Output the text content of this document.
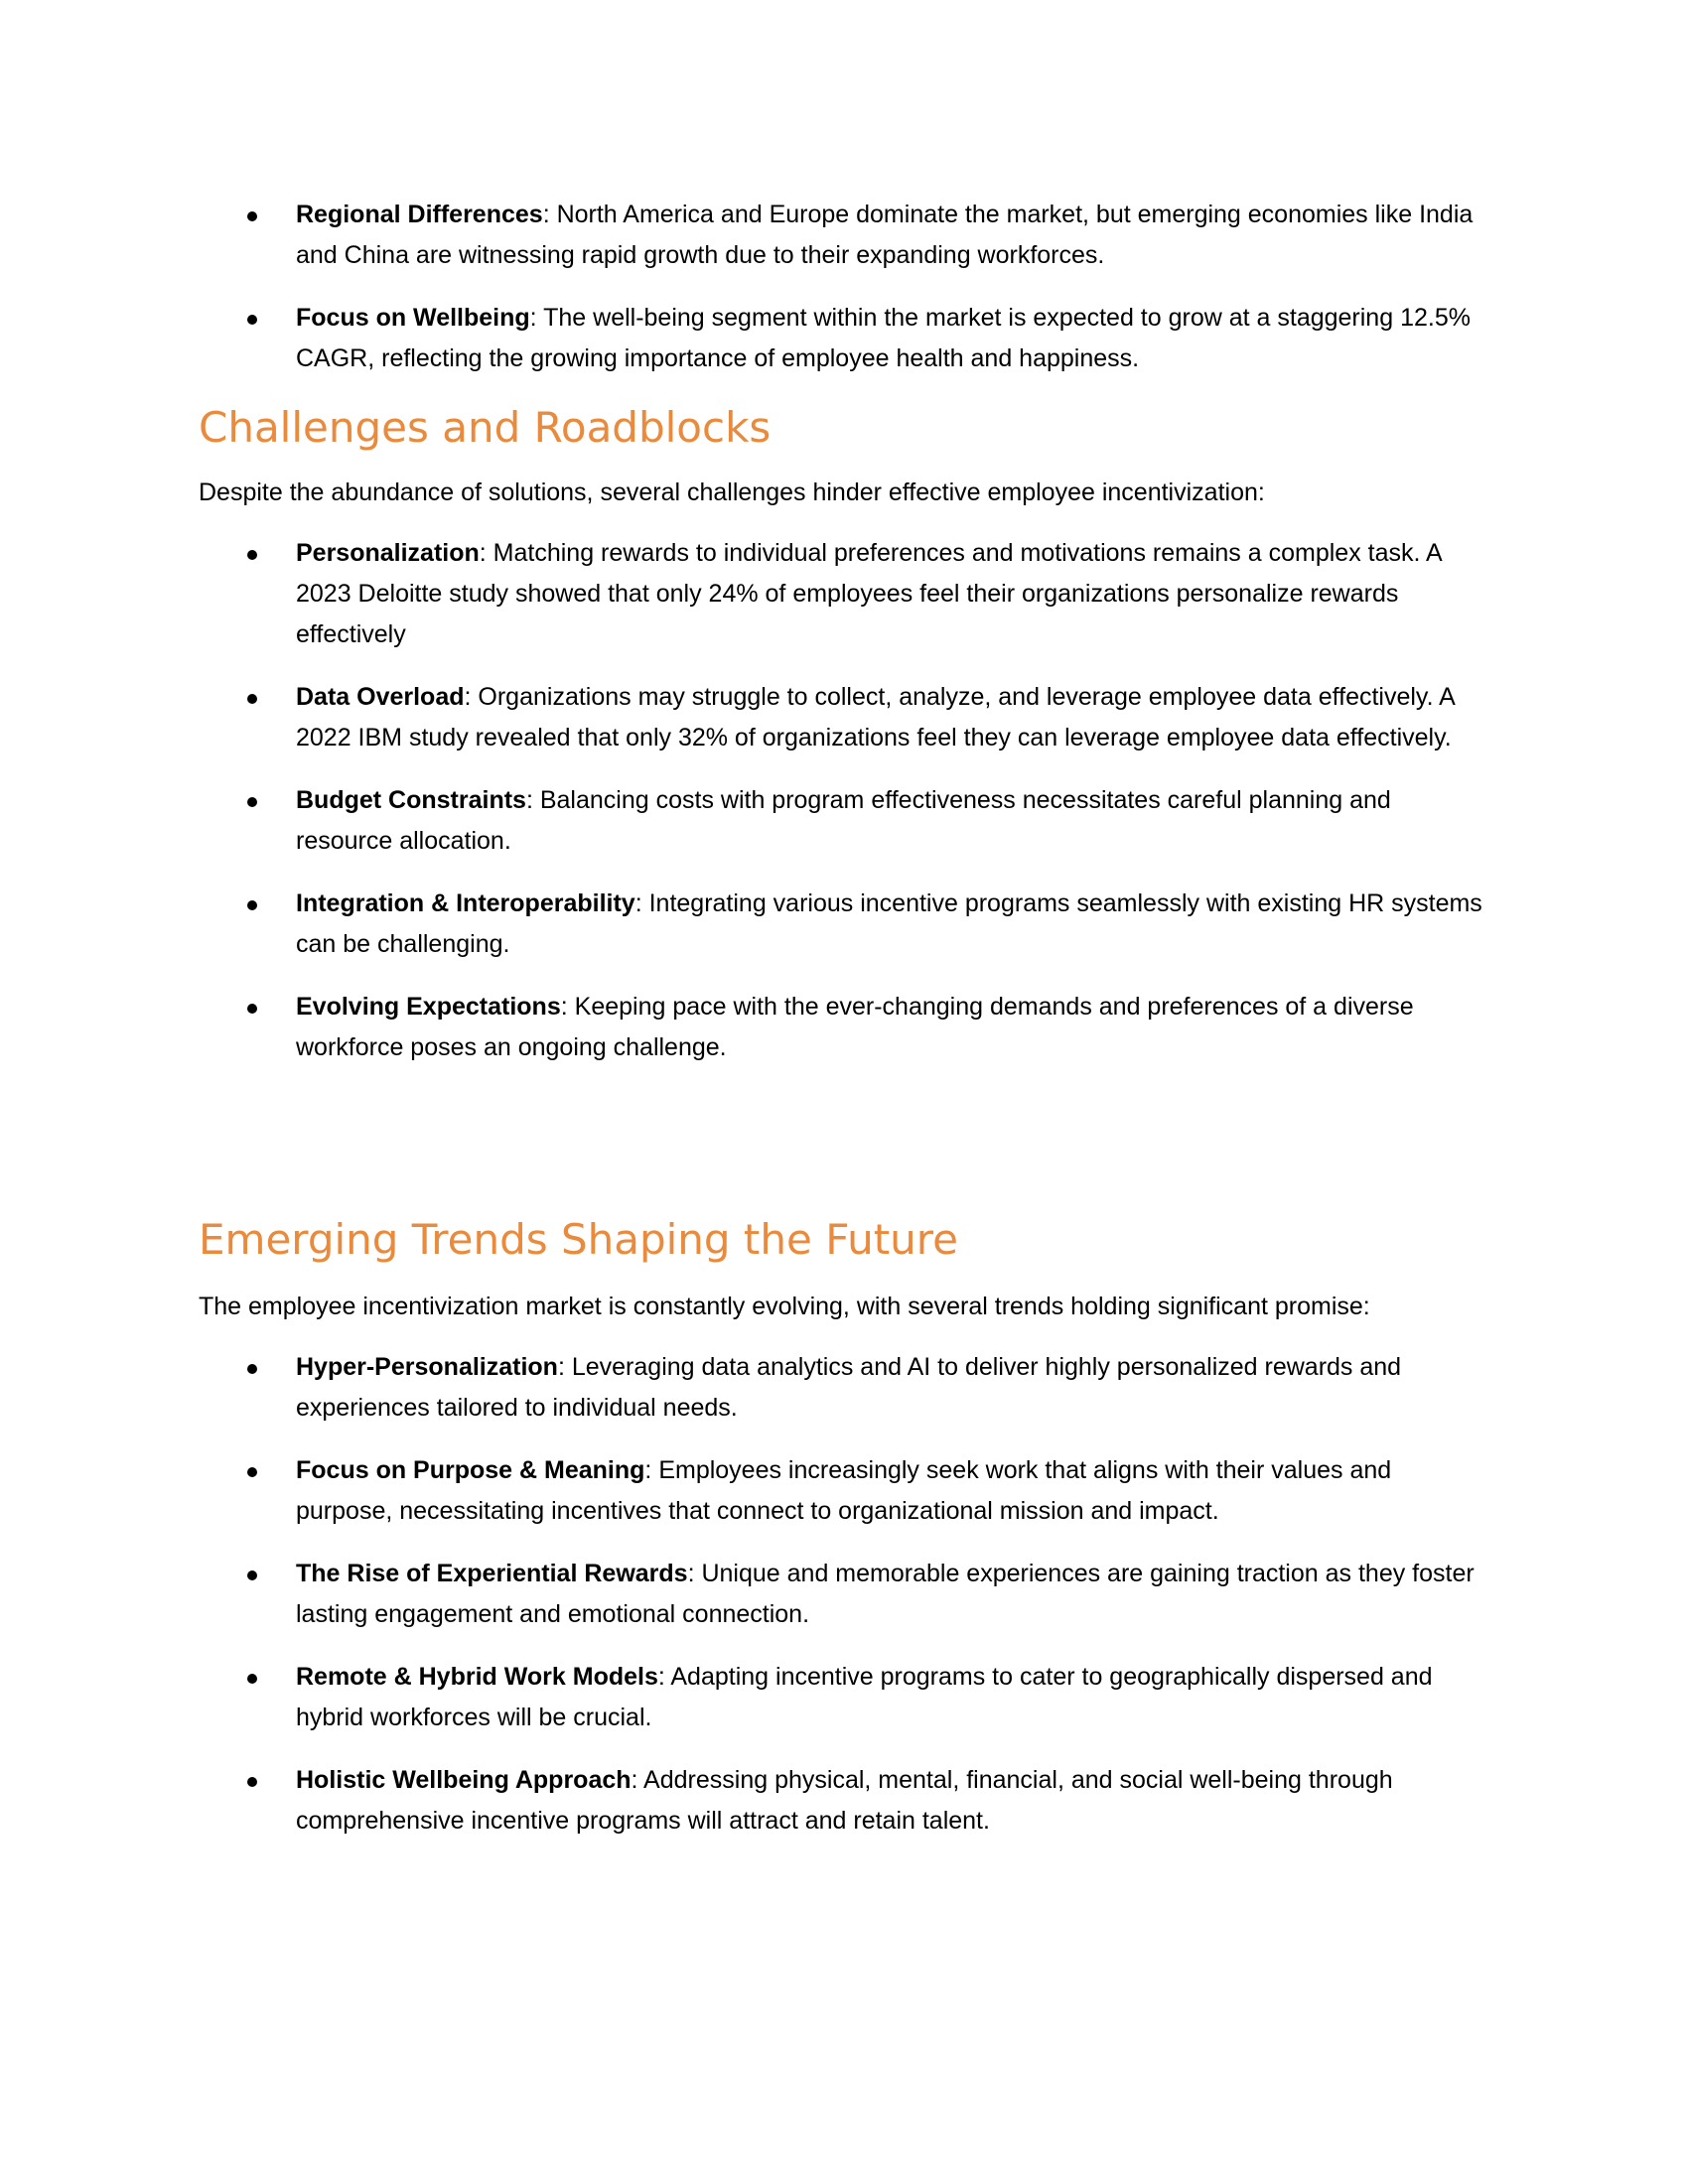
Regional Differences: North America and Europe dominate the market, but emerging economies like India and China are witnessing rapid growth due to their expanding workforces.
Focus on Wellbeing: The well-being segment within the market is expected to grow at a staggering 12.5% CAGR, reflecting the growing importance of employee health and happiness.
Challenges and Roadblocks

Despite the abundance of solutions, several challenges hinder effective employee incentivization:

Personalization: Matching rewards to individual preferences and motivations remains a complex task. A 2023 Deloitte study showed that only 24% of employees feel their organizations personalize rewards effectively
Data Overload: Organizations may struggle to collect, analyze, and leverage employee data effectively. A 2022 IBM study revealed that only 32% of organizations feel they can leverage employee data effectively.
Budget Constraints: Balancing costs with program effectiveness necessitates careful planning and resource allocation.
Integration & Interoperability: Integrating various incentive programs seamlessly with existing HR systems can be challenging.
Evolving Expectations: Keeping pace with the ever-changing demands and preferences of a diverse workforce poses an ongoing challenge.
Emerging Trends Shaping the Future

The employee incentivization market is constantly evolving, with several trends holding significant promise:

Hyper-Personalization: Leveraging data analytics and AI to deliver highly personalized rewards and experiences tailored to individual needs.
Focus on Purpose & Meaning: Employees increasingly seek work that aligns with their values and purpose, necessitating incentives that connect to organizational mission and impact.
The Rise of Experiential Rewards: Unique and memorable experiences are gaining traction as they foster lasting engagement and emotional connection.
Remote & Hybrid Work Models: Adapting incentive programs to cater to geographically dispersed and hybrid workforces will be crucial.
Holistic Wellbeing Approach: Addressing physical, mental, financial, and social well-being through comprehensive incentive programs will attract and retain talent.
